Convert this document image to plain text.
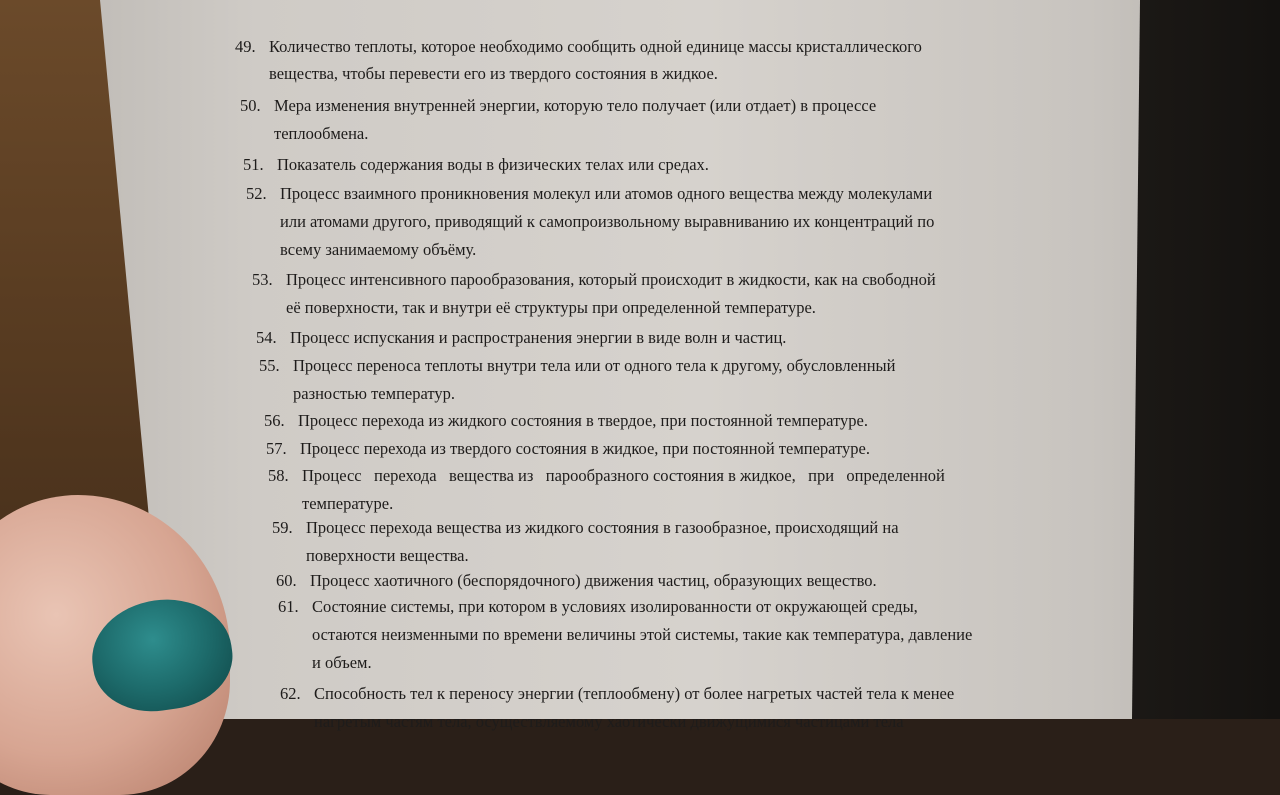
49. Количество теплоты, которое необходимо сообщить одной единице массы кристаллического
вещества, чтобы перевести его из твердого состояния в жидкое.
50. Мера изменения внутренней энергии, которую тело получает (или отдает) в процессе
теплообмена.
51. Показатель содержания воды в физических телах или средах.
52. Процесс взаимного проникновения молекул или атомов одного вещества между молекулами
или атомами другого, приводящий к самопроизвольному выравниванию их концентраций по
всему занимаемому объёму.
53. Процесс интенсивного парообразования, который происходит в жидкости, как на свободной
её поверхности, так и внутри её структуры при определенной температуре.
54. Процесс испускания и распространения энергии в виде волн и частиц.
55. Процесс переноса теплоты внутри тела или от одного тела к другому, обусловленный
разностью температур.
56. Процесс перехода из жидкого состояния в твердое, при постоянной температуре.
57. Процесс перехода из твердого состояния в жидкое, при постоянной температуре.
58. Процесс   перехода   вещества из   парообразного состояния в жидкое,   при   определенной
температуре.
59. Процесс перехода вещества из жидкого состояния в газообразное, происходящий на
поверхности вещества.
60. Процесс хаотичного (беспорядочного) движения частиц, образующих вещество.
61. Состояние системы, при котором в условиях изолированности от окружающей среды,
остаются неизменными по времени величины этой системы, такие как температура, давление
и объем.
62. Способность тел к переносу энергии (теплообмену) от более нагретых частей тела к менее
нагретым частям тела, осуществляемому хаотически движущимися частицами тела
